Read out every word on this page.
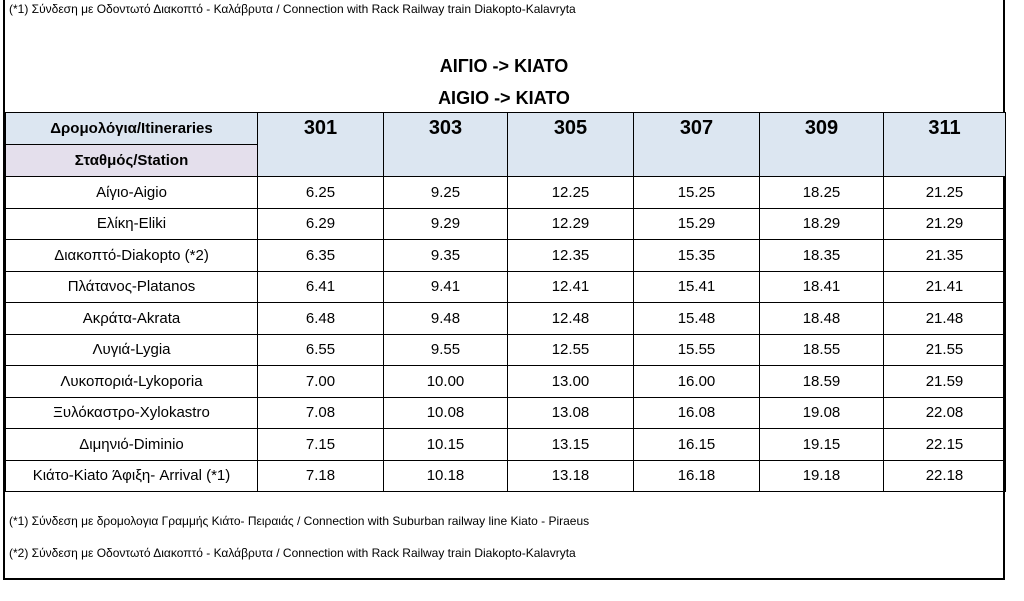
(*1) Σύνδεση με Οδοντωτό Διακοπτό - Καλάβρυτα / Connection with Rack Railway train Diakopto-Kalavryta
ΑΙΓΙΟ -> ΚΙΑΤΟ
AIGIO -> KIATO
Δρομολόγια/Itineraries	301	303	305	307	309	311
Σταθμός/Station						
Αίγιο-Aigio	6.25	9.25	12.25	15.25	18.25	21.25
Ελίκη-Eliki	6.29	9.29	12.29	15.29	18.29	21.29
Διακοπτό-Diakopto (*2)	6.35	9.35	12.35	15.35	18.35	21.35
Πλάτανος-Platanos	6.41	9.41	12.41	15.41	18.41	21.41
Ακράτα-Akrata	6.48	9.48	12.48	15.48	18.48	21.48
Λυγιά-Lygia	6.55	9.55	12.55	15.55	18.55	21.55
Λυκοποριά-Lykoporia	7.00	10.00	13.00	16.00	18.59	21.59
Ξυλόκαστρο-Xylokastro	7.08	10.08	13.08	16.08	19.08	22.08
Διμηνιό-Diminio	7.15	10.15	13.15	16.15	19.15	22.15
Κιάτο-Kiato Άφιξη- Arrival (*1)	7.18	10.18	13.18	16.18	19.18	22.18
(*1) Σύνδεση με δρομολογια Γραμμής Κιάτο- Πειραιάς / Connection with Suburban railway line Kiato - Piraeus
(*2) Σύνδεση με Οδοντωτό Διακοπτό - Καλάβρυτα / Connection with Rack Railway train Diakopto-Kalavryta
